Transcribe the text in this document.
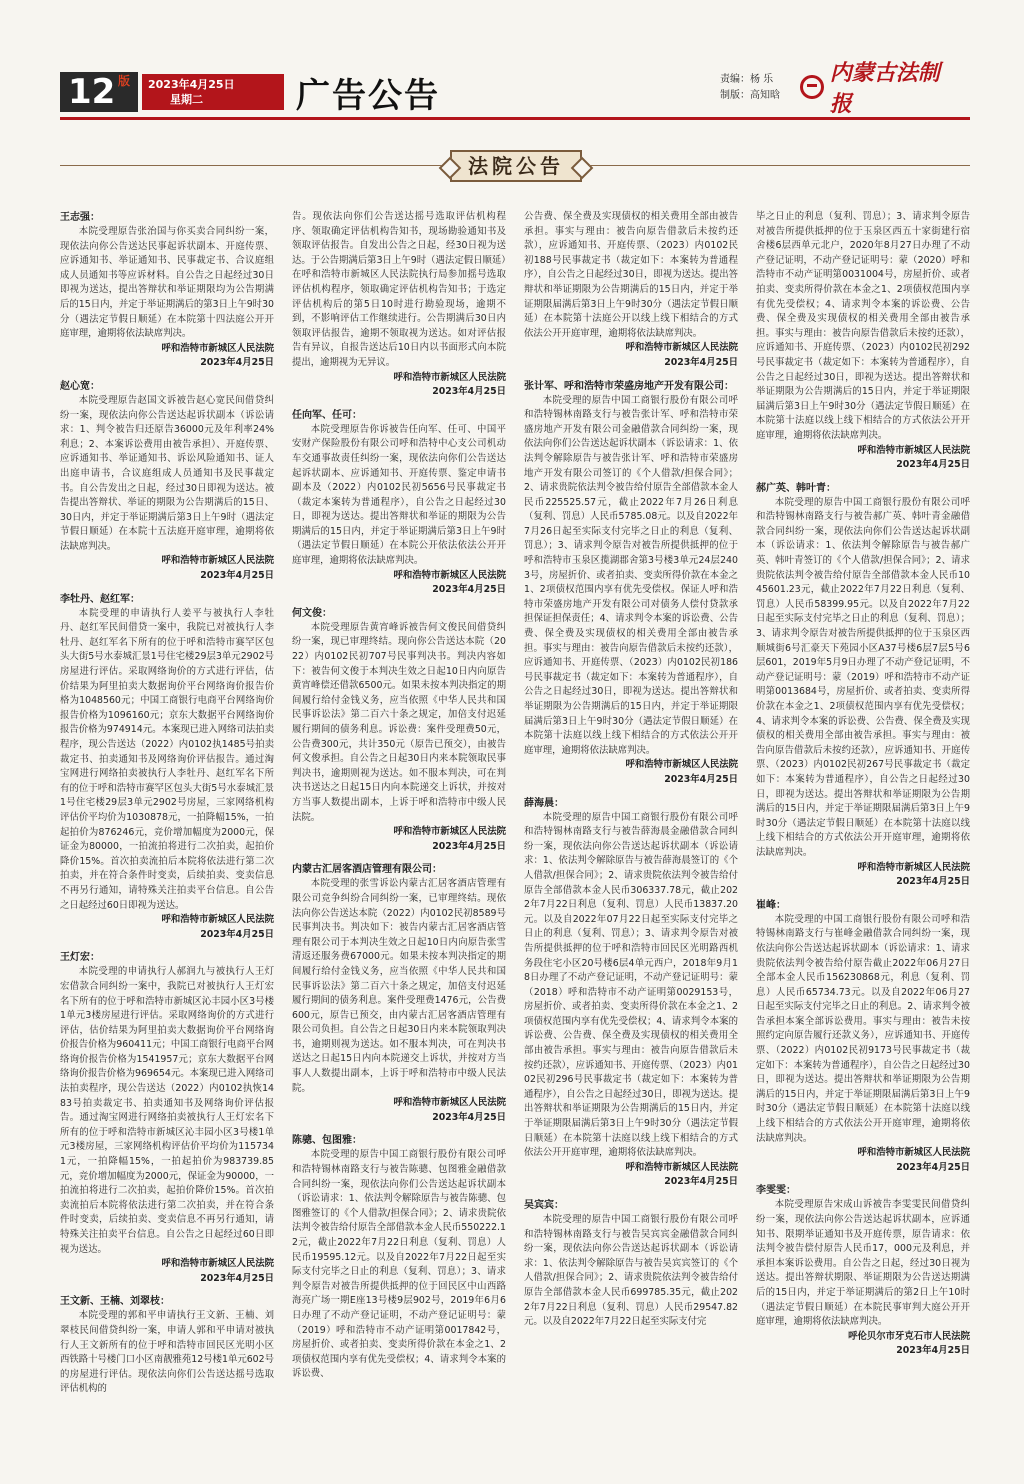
12 版 2023年4月25日
星期二	广告公告	责编：杨 乐
制版：高知晗
内蒙古法制报
法院公告
王志强：
本院受理原告张治国与你买卖合同纠纷一案，现依法向你公告送达民事起诉状副本、开庭传票、应诉通知书、举证通知书、民事裁定书、合议庭组成人员通知书等应诉材料。自公告之日起经过30日即视为送达，提出答辩状和举证期限均为公告期满后的15日内，并定于举证期满后的第3日上午9时30分（遇法定节假日顺延）在本院第十四法庭公开开庭审理，逾期将依法缺席判决。
呼和浩特市新城区人民法院
2023年4月25日
赵心宽：
本院受理原告赵国文诉被告赵心宽民间借贷纠纷一案，现依法向你公告送达起诉状副本（诉讼请求：1、判令被告归还原告36000元及年利率24%利息；2、本案诉讼费用由被告承担）、开庭传票、应诉通知书、举证通知书、诉讼风险通知书、证人出庭申请书，合议庭组成人员通知书及民事裁定书。自公告发出之日起，经过30日即视为送达。被告提出答辩状、举证的期限为公告期满后的15日、30日内，并定于举证期满后第3日上午9时（遇法定节假日顺延）在本院十五法庭开庭审理，逾期将依法缺席判决。
呼和浩特市新城区人民法院
2023年4月25日
李牡丹、赵红军：
本院受理的申请执行人姜平与被执行人李牡丹、赵红军民间借贷一案中，我院已对被执行人李牡丹、赵红军名下所有的位于呼和浩特市赛罕区包头大街5号水泰城汇景1号住宅楼29层3单元2902号房屋进行评估。采取网络询价的方式进行评估，估价结果为阿里拍卖大数据询价平台网络询价报告价格为1048560元；中国工商银行电商平台网络询价报告价格为1096160元；京东大数据平台网络询价报告价格为974914元。本案现已进入网络司法拍卖程序，现公告送达（2022）内0102执1485号拍卖裁定书、拍卖通知书及网络询价评估报告。通过淘宝网进行网络拍卖被执行人李牡丹、赵红军名下所有的位于呼和浩特市赛罕区包头大街5号水泰城汇景1号住宅楼29层3单元2902号房屋，三家网络机构评估价平均价为1030878元，一拍降幅15%，一拍起拍价为876246元，竞价增加幅度为2000元，保证金为80000，一拍流拍将进行二次拍卖，起拍价降价15%。首次拍卖流拍后本院将依法进行第二次拍卖，并在符合条件时变卖，后续拍卖、变卖信息不再另行通知，请特殊关注拍卖平台信息。自公告之日起经过60日即视为送达。
呼和浩特市新城区人民法院
2023年4月25日
王灯宏：
本院受理的申请执行人郝润九与被执行人王灯宏借款合同纠纷一案中，我院已对被执行人王灯宏名下所有的位于呼和浩特市新城区沁丰园小区3号楼1单元3楼房屋进行评估。采取网络询价的方式进行评估，估价结果为阿里拍卖大数据询价平台网络询价报告价格为960411元；中国工商银行电商平台网络询价报告价格为1541957元；京东大数据平台网络询价报告价格为969654元。本案现已进入网络司法拍卖程序，现公告送达（2022）内0102执恢1483号拍卖裁定书、拍卖通知书及网络询价评估报告。通过淘宝网进行网络拍卖被执行人王灯宏名下所有的位于呼和浩特市新城区沁丰园小区3号楼1单元3楼房屋，三家网络机构评估价平均价为1157341元，一拍降幅15%，一拍起拍价为983739.85元，竞价增加幅度为2000元，保证金为90000，一拍流拍将进行二次拍卖，起拍价降价15%。首次拍卖流拍后本院将依法进行第二次拍卖，并在符合条件时变卖，后续拍卖、变卖信息不再另行通知，请特殊关注拍卖平台信息。自公告之日起经过60日即视为送达。
呼和浩特市新城区人民法院
2023年4月25日
王文新、王楠、刘翠枝：
本院受理的郭和平申请执行王文新、王楠、刘翠枝民间借贷纠纷一案，申请人郭和平申请对被执行人王文新所有的位于呼和浩特市回民区光明小区西铁路十号楼门口小区南靓雅苑12号楼1单元602号的房屋进行评估。现依法向你们公告送达摇号选取评估机构的
告。现依法向你们公告送达摇号选取评估机构程序、领取确定评估机构告知书，现场勘验通知书及领取评估报告。自发出公告之日起，经30日视为送达。于公告期满后第3日上午9时（遇法定假日顺延）在呼和浩特市新城区人民法院执行局参加摇号选取评估机构程序，领取确定评估机构告知书；于选定评估机构后的第5日10时进行勘验现场，逾期不到，不影响评估工作继续进行。公告期满后30日内领取评估报告，逾期不领取视为送达。如对评估报告有异议，自报告送达后10日内以书面形式向本院提出，逾期视为无异议。
呼和浩特市新城区人民法院
2023年4月25日
任向军、任可：
本院受理原告你诉被告任向军、任可、中国平安财产保险股份有限公司呼和浩特中心支公司机动车交通事故责任纠纷一案，现依法向你们公告送达起诉状副本、应诉通知书、开庭传票、鉴定申请书副本及（2022）内0102民初5656号民事裁定书（裁定本案转为普通程序），自公告之日起经过30日，即视为送达。提出答辩状和举证的期限为公告期满后的15日内，并定于举证期满后第3日上午9时（遇法定节假日顺延）在本院公开依法依法公开开庭审理，逾期将依法缺席判决。
呼和浩特市新城区人民法院
2023年4月25日
何文俊：
本院受理原告黄宵峰诉被告何文俊民间借贷纠纷一案，现已审理终结。现向你公告送达本院（2022）内0102民初707号民事判决书。判决内容如下：被告何文俊于本判决生效之日起10日内向原告黄宵峰偿还借款6500元。如果未按本判决指定的期间履行给付金钱义务，应当依照《中华人民共和国民事诉讼法》第二百六十条之规定，加倍支付迟延履行期间的债务利息。诉讼费：案件受理费50元，公告费300元，共计350元（原告已预交），由被告何文俊承担。自公告之日起30日内来本院领取民事判决书，逾期则视为送达。如不服本判决，可在判决书送达之日起15日内向本院递交上诉状，并按对方当事人数提出副本，上诉于呼和浩特市中级人民法院。
呼和浩特市新城区人民法院
2023年4月25日
内蒙古汇居客酒店管理有限公司：
本院受理的张雪诉讼内蒙古汇居客酒店管理有限公司竞争纠纷合同纠纷一案，已审理终结。现依法向你公告送达本院（2022）内0102民初8589号民事判决书。判决如下：被告内蒙古汇居客酒店管理有限公司于本判决生效之日起10日内向原告张雪清返还服务费67000元。如果未按本判决指定的期间履行给付金钱义务，应当依照《中华人民共和国民事诉讼法》第二百六十条之规定，加倍支付迟延履行期间的债务利息。案件受理费1476元，公告费600元，原告已预交，由内蒙古汇居客酒店管理有限公司负担。自公告之日起30日内来本院领取判决书，逾期则视为送达。如不服本判决，可在判决书送达之日起15日内向本院递交上诉状，并按对方当事人人数提出副本，上诉于呼和浩特市中级人民法院。
呼和浩特市新城区人民法院
2023年4月25日
陈骢、包图雅：
本院受理的原告中国工商银行股份有限公司呼和浩特锡林南路支行与被告陈骢、包图雅金融借款合同纠纷一案，现依法向你们公告送达起诉状副本（诉讼请求：1、依法判令解除原告与被告陈骢、包图雅签订的《个人借款/担保合同》；2、请求贵院依法判令被告给付原告全部借款本金人民币550222.12元，截止2022年7月22日利息（复利、罚息）人民币19595.12元。以及自2022年7月22日起至实际支付完毕之日止的利息（复利、罚息）；3、请求判令原告对被告所提供抵押的位于回民区中山西路海亮广场一期E座13号楼9层902号，2019年6月6日办理了不动产登记证明，不动产登记证明号：蒙（2019）呼和浩特市不动产证明第0017842号，房屋折价、或者拍卖、变卖所得价款在本金之1、2项债权范围内享有优先受偿权；4、请求判令本案的诉讼费、
公告费、保全费及实现债权的相关费用全部由被告承担。事实与理由：被告向原告借款后未按约还款），应诉通知书、开庭传票、（2023）内0102民初188号民事裁定书（裁定如下：本案转为普通程序），自公告之日起经过30日，即视为送达。提出答辩状和举证期限为公告期满后的15日内，并定于举证期限届满后第3日上午9时30分（遇法定节假日顺延）在本院第十法庭公开以线上线下相结合的方式依法公开开庭审理，逾期将依法缺席判决。
呼和浩特市新城区人民法院
2023年4月25日
张计军、呼和浩特市荣盛房地产开发有限公司：
本院受理的原告中国工商银行股份有限公司呼和浩特锡林南路支行与被告张计军、呼和浩特市荣盛房地产开发有限公司金融借款合同纠纷一案，现依法向你们公告送达起诉状副本（诉讼请求：1、依法判令解除原告与被告张计军、呼和浩特市荣盛房地产开发有限公司签订的《个人借款/担保合同》；2、请求贵院依法判令被告给付原告全部借款本金人民币225525.57元，截止2022年7月26日利息（复利、罚息）人民币5785.08元。以及自2022年7月26日起至实际支付完毕之日止的利息（复利、罚息）；3、请求判令原告对被告所提供抵押的位于呼和浩特市玉泉区揽湖郡舍第3号楼3单元24层2403号，房屋折价、或者拍卖、变卖所得价款在本金之1、2项债权范围内享有优先受偿权。保证人呼和浩特市荣盛房地产开发有限公司对债务人偿付贷款承担保证担保责任；4、请求判令本案的诉讼费、公告费、保全费及实现债权的相关费用全部由被告承担。事实与理由：被告向原告借款后未按约还款），应诉通知书、开庭传票、（2023）内0102民初186号民事裁定书（裁定如下：本案转为普通程序），自公告之日起经过30日，即视为送达。提出答辩状和举证期限为公告期满后的15日内，并定于举证期限届满后第3日上午9时30分（遇法定节假日顺延）在本院第十法庭以线上线下相结合的方式依法公开开庭审理，逾期将依法缺席判决。
呼和浩特市新城区人民法院
2023年4月25日
薛海晨：
本院受理的原告中国工商银行股份有限公司呼和浩特锡林南路支行与被告薛海晨金融借款合同纠纷一案，现依法向你公告送达起诉状副本（诉讼请求：1、依法判令解除原告与被告薛海晨签订的《个人借款/担保合同》；2、请求贵院依法判令被告给付原告全部借款本金人民币306337.78元，截止2022年7月22日利息（复利、罚息）人民币13837.20元。以及自2022年07月22日起至实际支付完毕之日止的利息（复利、罚息）；3、请求判令原告对被告所提供抵押的位于呼和浩特市回民区光明路西机务段住宅小区20号楼6层4单元西户，2018年9月18日办理了不动产登记证明，不动产登记证明号：蒙（2018）呼和浩特市不动产证明第0029153号，房屋折价、或者拍卖、变卖所得价款在本金之1、2项债权范围内享有优先受偿权；4、请求判令本案的诉讼费、公告费、保全费及实现债权的相关费用全部由被告承担。事实与理由：被告向原告借款后未按约还款），应诉通知书、开庭传票、（2023）内0102民初296号民事裁定书（裁定如下：本案转为普通程序），自公告之日起经过30日，即视为送达。提出答辩状和举证期限为公告期满后的15日内，并定于举证期限届满后第3日上午9时30分（遇法定节假日顺延）在本院第十法庭以线上线下相结合的方式依法公开开庭审理，逾期将依法缺席判决。
呼和浩特市新城区人民法院
2023年4月25日
吴宾宾：
本院受理的原告中国工商银行股份有限公司呼和浩特锡林南路支行与被告吴宾宾金融借款合同纠纷一案，现依法向你公告送达起诉状副本（诉讼请求：1、依法判令解除原告与被告吴宾宾签订的《个人借款/担保合同》；2、请求贵院依法判令被告给付原告全部借款本金人民币699785.35元，截止2022年7月22日利息（复利、罚息）人民币29547.82元。以及自2022年7月22日起至实际支付完
毕之日止的利息（复利、罚息）；3、请求判令原告对被告所提供抵押的位于玉泉区西五十家街建行宿舍楼6层西单元北户，2020年8月27日办理了不动产登记证明，不动产登记证明号：蒙（2020）呼和浩特市不动产证明第0031004号，房屋折价、或者拍卖、变卖所得价款在本金之1、2项债权范围内享有优先受偿权；4、请求判令本案的诉讼费、公告费、保全费及实现债权的相关费用全部由被告承担。事实与理由：被告向原告借款后未按约还款），应诉通知书、开庭传票、（2023）内0102民初292号民事裁定书（裁定如下：本案转为普通程序），自公告之日起经过30日，即视为送达。提出答辩状和举证期限为公告期满后的15日内，并定于举证期限届满后第3日上午9时30分（遇法定节假日顺延）在本院第十法庭以线上线下相结合的方式依法公开开庭审理，逾期将依法缺席判决。
呼和浩特市新城区人民法院
2023年4月25日
郝广英、韩叶青：
本院受理的原告中国工商银行股份有限公司呼和浩特锡林南路支行与被告郝广英、韩叶青金融借款合同纠纷一案，现依法向你们公告送达起诉状副本（诉讼请求：1、依法判令解除原告与被告郝广英、韩叶青签订的《个人借款/担保合同》；2、请求贵院依法判令被告给付原告全部借款本金人民币1045601.23元，截止2022年7月22日利息（复利、罚息）人民币58399.95元。以及自2022年7月22日起至实际支付完毕之日止的利息（复利、罚息）；3、请求判令原告对被告所提供抵押的位于玉泉区西顺城街6号汇豪天下苑园小区A37号楼6层7层5号6层601，2019年5月9日办理了不动产登记证明，不动产登记证明号：蒙（2019）呼和浩特市不动产证明第0013684号，房屋折价、或者拍卖、变卖所得价款在本金之1、2项债权范围内享有优先受偿权；4、请求判令本案的诉讼费、公告费、保全费及实现债权的相关费用全部由被告承担。事实与理由：被告向原告借款后未按约还款），应诉通知书、开庭传票、（2023）内0102民初267号民事裁定书（裁定如下：本案转为普通程序），自公告之日起经过30日，即视为送达。提出答辩状和举证期限为公告期满后的15日内，并定于举证期限届满后第3日上午9时30分（遇法定节假日顺延）在本院第十法庭以线上线下相结合的方式依法公开开庭审理，逾期将依法缺席判决。
呼和浩特市新城区人民法院
2023年4月25日
崔峰：
本院受理的中国工商银行股份有限公司呼和浩特锡林南路支行与崔峰金融借款合同纠纷一案，现依法向你公告送达起诉状副本（诉讼请求：1、请求贵院依法判令被告给付原告截止2022年06月27日全部本金人民币156230868元，利息（复利、罚息）人民币65734.73元。以及自2022年06月27日起至实际支付完毕之日止的利息。2、请求判令被告承担本案全部诉讼费用。事实与理由：被告未按照约定向原告履行还款义务），应诉通知书、开庭传票、（2022）内0102民初9173号民事裁定书（裁定如下：本案转为普通程序），自公告之日起经过30日，即视为送达。提出答辩状和举证期限为公告期满后的15日内，并定于举证期限届满后第3日上午9时30分（遇法定节假日顺延）在本院第十法庭以线上线下相结合的方式依法公开开庭审理，逾期将依法缺席判决。
呼和浩特市新城区人民法院
2023年4月25日
李雯雯：
本院受理原告宋成山诉被告李雯雯民间借贷纠纷一案，现依法向你公告送达起诉状副本，应诉通知书、限期举证通知书及开庭传票，原告请求：依法判令被告偿付原告人民币17，000元及利息，并承担本案诉讼费用。自公告之日起，经过30日视为送达。提出答辩状期限、举证期限为公告送达期满后的15日内，并定于举证期满后的第2日上午10时（遇法定节假日顺延）在本院民事审判大庭公开开庭审理，逾期将依法缺席判决。
呼伦贝尔市牙克石市人民法院
2023年4月25日
